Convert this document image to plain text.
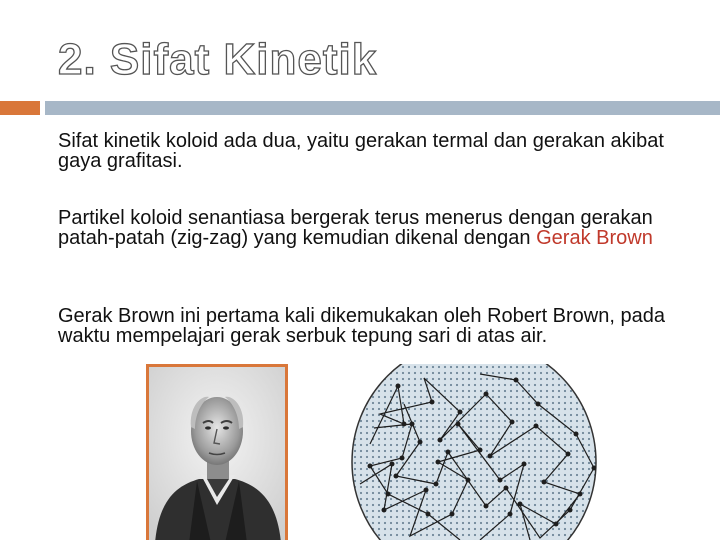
2. Sifat Kinetik

Sifat kinetik koloid ada dua, yaitu gerakan termal dan gerakan akibat gaya grafitasi.

Partikel koloid senantiasa bergerak terus menerus dengan gerakan patah-patah (zig-zag) yang kemudian dikenal dengan Gerak Brown

Gerak Brown ini pertama kali dikemukakan oleh Robert Brown, pada waktu mempelajari gerak serbuk tepung sari di atas air.
